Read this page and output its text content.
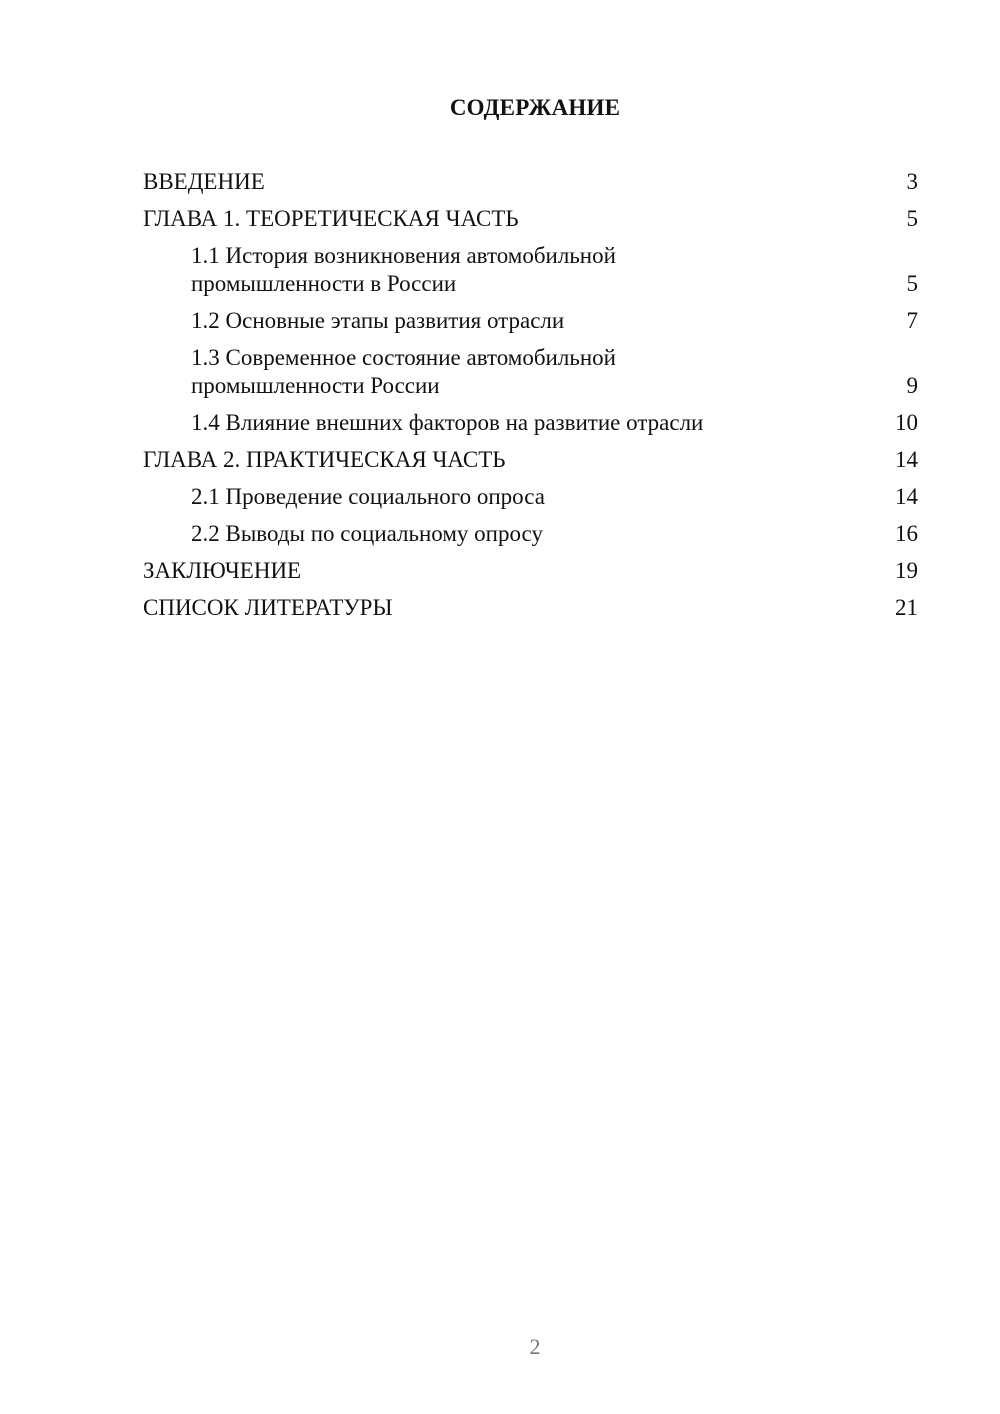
СОДЕРЖАНИЕ
ВВЕДЕНИЕ	3
ГЛАВА 1. ТЕОРЕТИЧЕСКАЯ ЧАСТЬ	5
1.1 История возникновения автомобильной
промышленности в России	5
1.2 Основные этапы развития отрасли	7
1.3 Современное состояние автомобильной
промышленности России	9
1.4 Влияние внешних факторов на развитие отрасли	10
ГЛАВА 2. ПРАКТИЧЕСКАЯ ЧАСТЬ	14
2.1 Проведение социального опроса	14
2.2 Выводы по социальному опросу	16
ЗАКЛЮЧЕНИЕ	19
СПИСОК ЛИТЕРАТУРЫ	21
2
